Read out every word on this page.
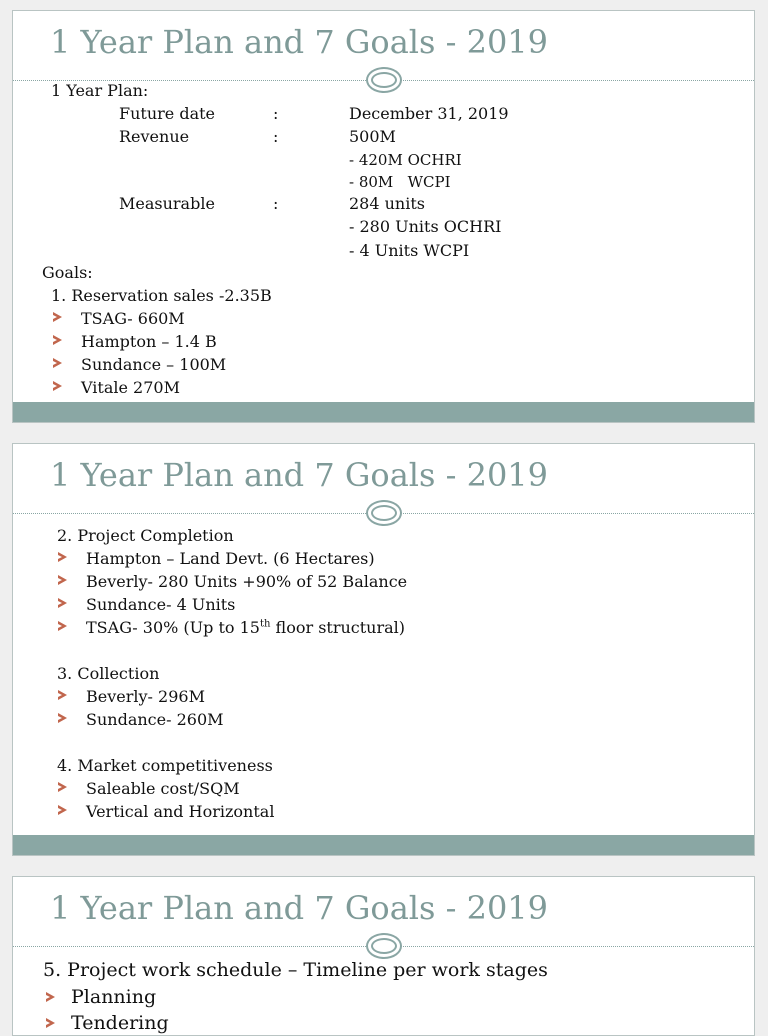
1 Year Plan and 7 Goals - 2019
1 Year Plan:
Future date	:	December 31, 2019
Revenue	:	500M
- 420M OCHRI
- 80M   WCPI
Measurable	:	284 units
- 280 Units OCHRI
- 4 Units WCPI
Goals:
1. Reservation sales -2.35B
TSAG- 660M
Hampton – 1.4 B
Sundance – 100M
Vitale 270M
1 Year Plan and 7 Goals - 2019
2. Project Completion
Hampton – Land Devt. (6 Hectares)
Beverly- 280 Units +90% of 52 Balance
Sundance- 4 Units
TSAG- 30% (Up to 15th floor structural)
3. Collection
Beverly- 296M
Sundance- 260M
4. Market competitiveness
Saleable cost/SQM
Vertical and Horizontal
1 Year Plan and 7 Goals - 2019
5. Project work schedule – Timeline per work stages
Planning
Tendering
